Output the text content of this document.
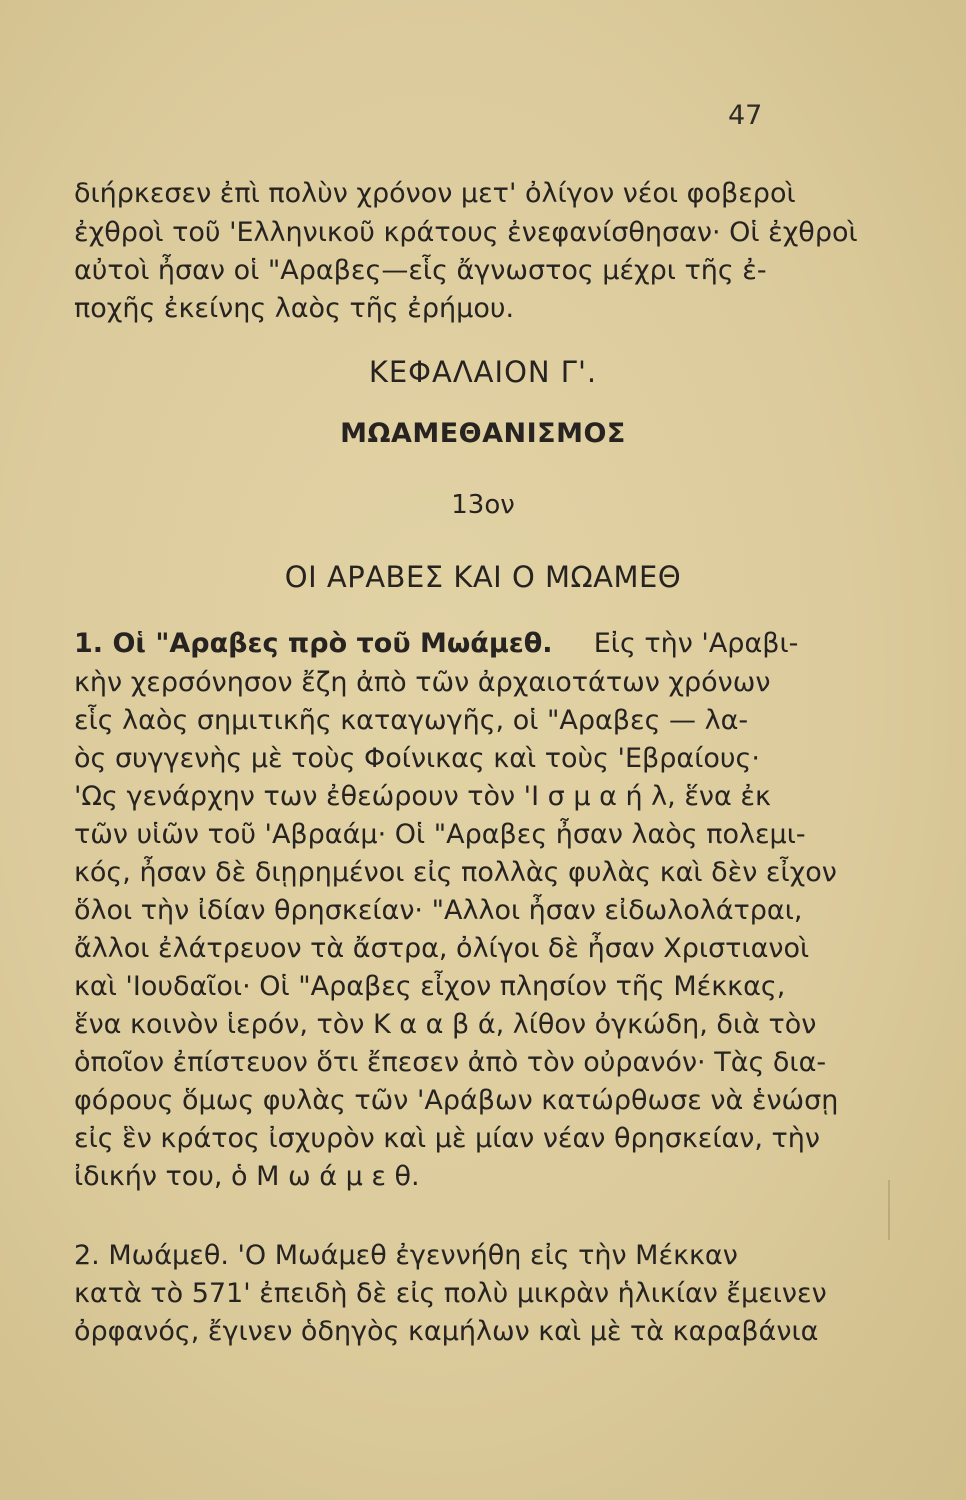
47
διήρκεσεν ἐπὶ πολὺν χρόνον μετ' ὀλίγον νέοι φοβεροὶ
ἐχθροὶ τοῦ 'Ελληνικοῦ κράτους ἐνεφανίσθησαν· Οἱ ἐχθροὶ
αὐτοὶ ἦσαν οἱ "Αραβες—εἷς ἄγνωστος μέχρι τῆς ἐ-
ποχῆς ἐκείνης λαὸς τῆς ἐρήμου.
ΚΕΦΑΛΑΙΟΝ Γ'.
ΜΩΑΜΕΘΑΝΙΣΜΟΣ
13ον
ΟΙ ΑΡΑΒΕΣ ΚΑΙ Ο ΜΩΑΜΕΘ
1. Οἱ "Αραβες πρὸ τοῦ Μωάμεθ. Εἰς τὴν 'Αραβι-
κὴν χερσόνησον ἔζη ἀπὸ τῶν ἀρχαιοτάτων χρόνων
εἷς λαὸς σημιτικῆς καταγωγῆς, οἱ "Αραβες — λα-
ὸς συγγενὴς μὲ τοὺς Φοίνικας καὶ τοὺς 'Εβραίους·
'Ως γενάρχην των ἐθεώρουν τὸν 'Ι σ μ α ή λ, ἕνα ἐκ
τῶν υἱῶν τοῦ 'Αβραάμ· Οἱ "Αραβες ἦσαν λαὸς πολεμι-
κός, ἦσαν δὲ διῃρημένοι εἰς πολλὰς φυλὰς καὶ δὲν εἶχον
ὅλοι τὴν ἰδίαν θρησκείαν· "Αλλοι ἦσαν εἰδωλολάτραι,
ἄλλοι ἐλάτρευον τὰ ἄστρα, ὀλίγοι δὲ ἦσαν Χριστιανοὶ
καὶ 'Ιουδαῖοι· Οἱ "Αραβες εἶχον πλησίον τῆς Μέκκας,
ἕνα κοινὸν ἱερόν, τὸν Κ α α β ά, λίθον ὀγκώδη, διὰ τὸν
ὁποῖον ἐπίστευον ὅτι ἔπεσεν ἀπὸ τὸν οὐρανόν· Τὰς δια-
φόρους ὅμως φυλὰς τῶν 'Αράβων κατώρθωσε νὰ ἑνώσῃ
εἰς ἓν κράτος ἰσχυρὸν καὶ μὲ μίαν νέαν θρησκείαν, τὴν
ἰδικήν του, ὁ Μ ω ά μ ε θ.
2. Μωάμεθ. 'Ο Μωάμεθ ἐγεννήθη εἰς τὴν Μέκκαν
κατὰ τὸ 571' ἐπειδὴ δὲ εἰς πολὺ μικρὰν ἡλικίαν ἔμεινεν
ὀρφανός, ἔγινεν ὁδηγὸς καμήλων καὶ μὲ τὰ καραβάνια
